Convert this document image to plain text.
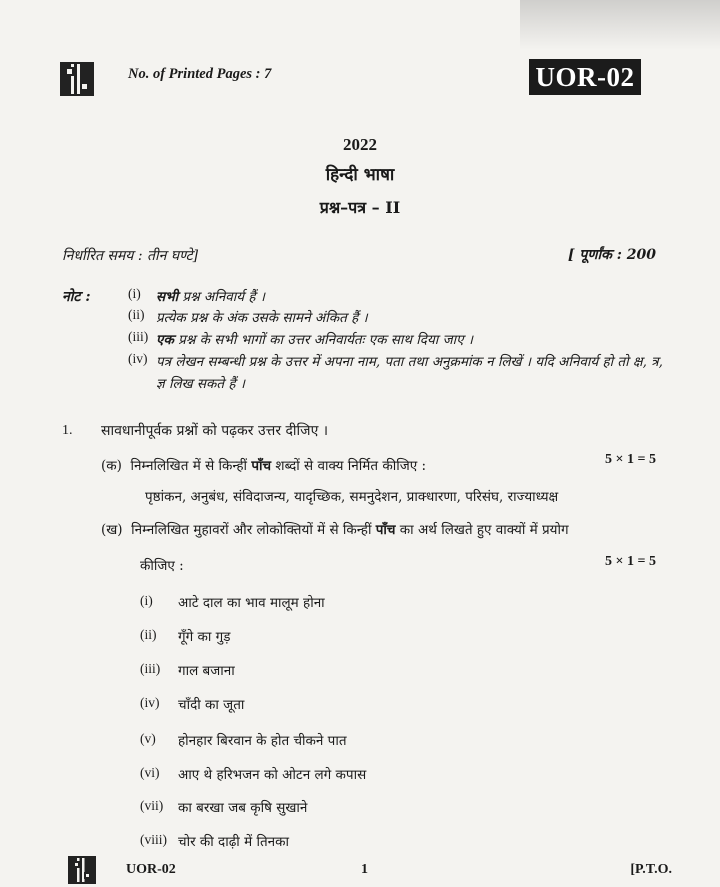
No. of Printed Pages : 7	UOR-02
2022
हिन्दी भाषा
प्रश्न–पत्र – II
निर्धारित समय : तीन घण्टे]	[ पूर्णांक : 200
नोट :	(i)	सभी प्रश्न अनिवार्य हैं ।
(ii) प्रत्येक प्रश्न के अंक उसके सामने अंकित हैं ।
(iii) एक प्रश्न के सभी भागों का उत्तर अनिवार्यतः एक साथ दिया जाए ।
(iv) पत्र लेखन सम्बन्धी प्रश्न के उत्तर में अपना नाम, पता तथा अनुक्रमांक न लिखें । यदि अनिवार्य हो तो क्ष, त्र, ज्ञ लिख सकते हैं ।
1. सावधानीपूर्वक प्रश्नों को पढ़कर उत्तर दीजिए ।
(क) निम्नलिखित में से किन्हीं पाँच शब्दों से वाक्य निर्मित कीजिए :	5 × 1 = 5
पृष्ठांकन, अनुबंध, संविदाजन्य, यादृच्छिक, समनुदेशन, प्राक्धारणा, परिसंघ, राज्याध्यक्ष
(ख) निम्नलिखित मुहावरों और लोकोक्तियों में से किन्हीं पाँच का अर्थ लिखते हुए वाक्यों में प्रयोग
कीजिए :	5 × 1 = 5
(i)	आटे दाल का भाव मालूम होना
(ii)	गूँगे का गुड़
(iii)	गाल बजाना
(iv)	चाँदी का जूता
(v)	होनहार बिरवान के होत चीकने पात
(vi)	आए थे हरिभजन को ओटन लगे कपास
(vii)	का बरखा जब कृषि सुखाने
(viii) चोर की दाढ़ी में तिनका
UOR-02	1	[P.T.O.
